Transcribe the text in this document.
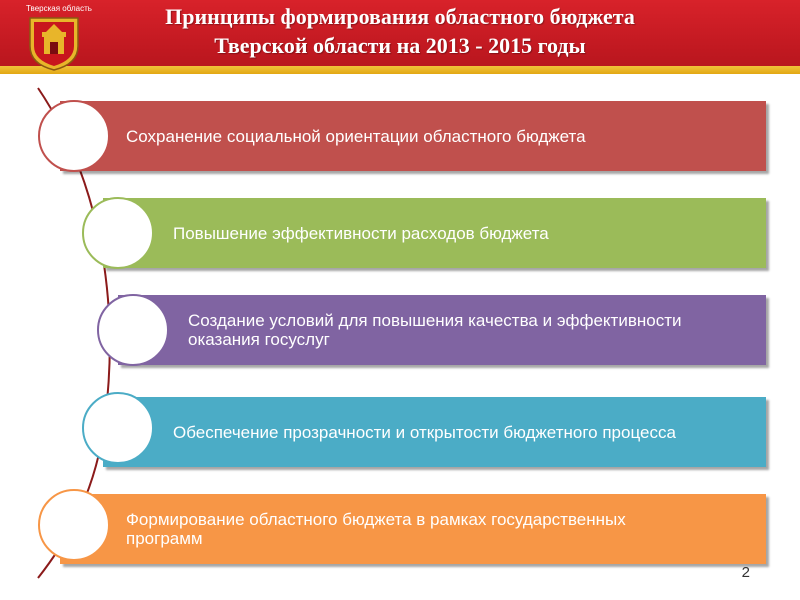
Тверская область	Принципы формирования областного бюджета
Тверской области на 2013 - 2015 годы
Сохранение социальной ориентации областного бюджета
Повышение эффективности расходов бюджета
Создание условий для повышения качества и эффективности оказания госуслуг
Обеспечение прозрачности и открытости бюджетного процесса
Формирование областного бюджета в рамках государственных программ
2
